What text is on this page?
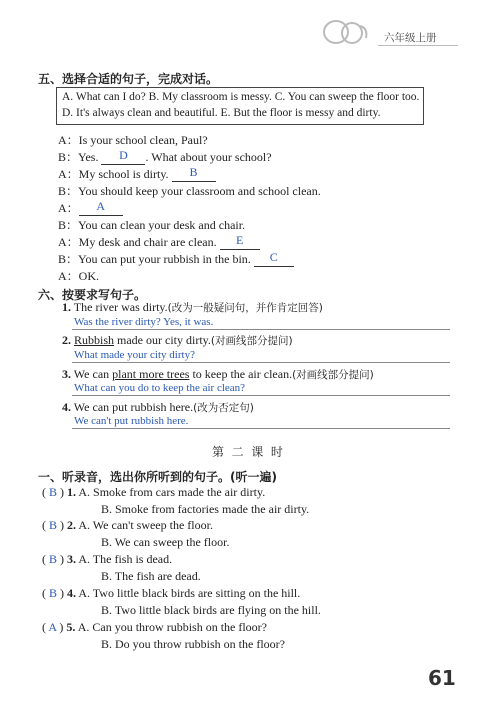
六年级上册
五、选择合适的句子，完成对话。
A. What can I do? B. My classroom is messy. C. You can sweep the floor too.
D. It's always clean and beautiful. E. But the floor is messy and dirty.
A：Is your school clean, Paul?
B：Yes.	D	. What about your school?
A：My school is dirty.	B
B：You should keep your classroom and school clean.
A：	A
B：You can clean your desk and chair.
A：My desk and chair are clean.	E
B：You can put your rubbish in the bin.	C
A：OK.
六、按要求写句子。
1. The river was dirty.(改为一般疑问句，并作肯定回答)
Was the river dirty? Yes, it was.
2. Rubbish made our city dirty.(对画线部分提问)
What made your city dirty?
3. We can plant more trees to keep the air clean.(对画线部分提问)
What can you do to keep the air clean?
4. We can put rubbish here.(改为否定句)
We can't put rubbish here.
第  二  课  时
一、听录音，选出你所听到的句子。(听一遍)
( B ) 1. A. Smoke from cars made the air dirty.
B. Smoke from factories made the air dirty.
( B ) 2. A. We can't sweep the floor.
B. We can sweep the floor.
( B ) 3. A. The fish is dead.
B. The fish are dead.
( B ) 4. A. Two little black birds are sitting on the hill.
B. Two little black birds are flying on the hill.
( A ) 5. A. Can you throw rubbish on the floor?
B. Do you throw rubbish on the floor?
61
